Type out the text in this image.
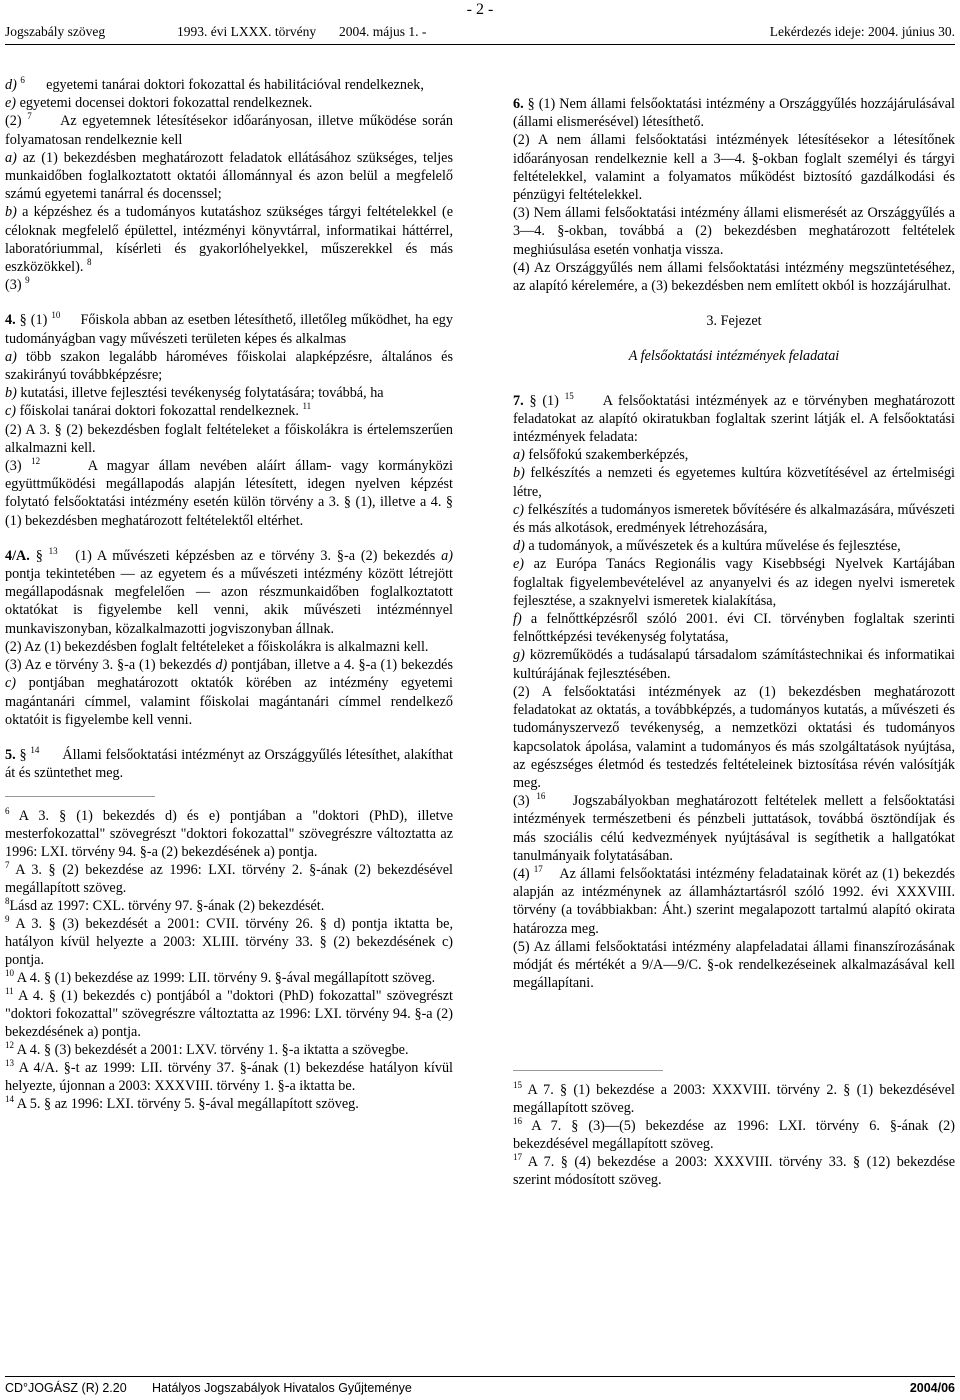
- 2 -
Jogszabály szöveg	1993. évi LXXX. törvény 2004. május 1. -	Lekérdezés ideje: 2004. június 30.

d) $^6$      egyetemi tanárai doktori fokozattal és habilitációval rendelkeznek,

e) egyetemi docensei doktori fokozattal rendelkeznek.

(2) $^7$     Az egyetemnek létesítésekor időarányosan, illetve működése során folyamatosan rendelkeznie kell

a) az (1) bekezdésben meghatározott feladatok ellátásához szükséges, teljes munkaidőben foglalkoztatott oktatói állománnyal és azon belül a megfelelő számú egyetemi tanárral és docenssel;

b) a képzéshez és a tudományos kutatáshoz szükséges tárgyi feltételekkel (e céloknak megfelelő épülettel, intézményi könyvtárral, informatikai háttérrel, laboratóriummal, kísérleti és gyakorlóhelyekkel, műszerekkel és más eszközökkel). $^8$

(3) $^9$

4. § (1) $^{10}$     Főiskola abban az esetben létesíthető, illetőleg működhet, ha egy tudományágban vagy művészeti területen képes és alkalmas

a) több szakon legalább hároméves főiskolai alapképzésre, általános és szakirányú továbbképzésre;

b) kutatási, illetve fejlesztési tevékenység folytatására; továbbá, ha

c) főiskolai tanárai doktori fokozattal rendelkeznek. $^{11}$

(2) A 3. § (2) bekezdésben foglalt feltételeket a főiskolákra is értelemszerűen alkalmazni kell.

(3) $^{12}$     A magyar állam nevében aláírt állam- vagy kormányközi együttműködési megállapodás alapján létesített, idegen nyelven képzést folytató felsőoktatási intézmény esetén külön törvény a 3. § (1), illetve a 4. § (1) bekezdésben meghatározott feltételektől eltérhet.

4/A. § $^{13}$   (1) A művészeti képzésben az e törvény 3. §-a (2) bekezdés a) pontja tekintetében — az egyetem és a művészeti intézmény között létrejött megállapodásnak megfelelően — azon részmunkaidőben foglalkoztatott oktatókat is figyelembe kell venni, akik művészeti intézménnyel munkaviszonyban, közalkalmazotti jogviszonyban állnak.

(2) Az (1) bekezdésben foglalt feltételeket a főiskolákra is alkalmazni kell.

(3) Az e törvény 3. §-a (1) bekezdés d) pontjában, illetve a 4. §-a (1) bekezdés c) pontjában meghatározott oktatók körében az intézmény egyetemi magántanári címmel, valamint főiskolai magántanári címmel rendelkező oktatóit is figyelembe kell venni.

5. § $^{14}$      Állami felsőoktatási intézményt az Országgyűlés létesíthet, alakíthat át és szüntethet meg.

$^6$ A 3. § (1) bekezdés d) és e) pontjában a "doktori (PhD), illetve mesterfokozattal" szövegrészt "doktori fokozattal" szövegrészre változtatta az 1996: LXI. törvény 94. §-a (2) bekezdésének a) pontja.

$^7$ A 3. § (2) bekezdése az 1996: LXI. törvény 2. §-ának (2) bekezdésével megállapított szöveg.

$^8$Lásd az 1997: CXL. törvény 97. §-ának (2) bekezdését.

$^9$ A 3. § (3) bekezdését a 2001: CVII. törvény 26. § d) pontja iktatta be, hatályon kívül helyezte a 2003: XLIII. törvény 33. § (2) bekezdésének c) pontja.

$^{10}$ A 4. § (1) bekezdése az 1999: LII. törvény 9. §-ával megállapított szöveg.

$^{11}$ A 4. § (1) bekezdés c) pontjából a "doktori (PhD) fokozattal" szövegrészt "doktori fokozattal" szövegrészre változtatta az 1996: LXI. törvény 94. §-a (2) bekezdésének a) pontja.

$^{12}$ A 4. § (3) bekezdését a 2001: LXV. törvény 1. §-a iktatta a szövegbe.

$^{13}$ A 4/A. §-t az 1999: LII. törvény 37. §-ának (1) bekezdése hatályon kívül helyezte, újonnan a 2003: XXXVIII. törvény 1. §-a iktatta be.

$^{14}$ A 5. § az 1996: LXI. törvény 5. §-ával megállapított szöveg.

6. § (1) Nem állami felsőoktatási intézmény a Országgyűlés hozzájárulásával (állami elismerésével) létesíthető.

(2) A nem állami felsőoktatási intézmények létesítésekor a létesítőnek időarányosan rendelkeznie kell a 3—4. §-okban foglalt személyi és tárgyi feltételekkel, valamint a folyamatos működést biztosító gazdálkodási és pénzügyi feltételekkel.

(3) Nem állami felsőoktatási intézmény állami elismerését az Országgyűlés a 3—4. §-okban, továbbá a (2) bekezdésben meghatározott feltételek meghiúsulása esetén vonhatja vissza.

(4) Az Országgyűlés nem állami felsőoktatási intézmény megszüntetéséhez, az alapító kérelemére, a (3) bekezdésben nem említett okból is hozzájárulhat.

3. Fejezet

A felsőoktatási intézmények feladatai

7. § (1) $^{15}$     A felsőoktatási intézmények az e törvényben meghatározott feladatokat az alapító okiratukban foglaltak szerint látják el. A felsőoktatási intézmények feladata:

a) felsőfokú szakemberképzés,

b) felkészítés a nemzeti és egyetemes kultúra közvetítésével az értelmiségi létre,

c) felkészítés a tudományos ismeretek bővítésére és alkalmazására, művészeti és más alkotások, eredmények létrehozására,

d) a tudományok, a művészetek és a kultúra művelése és fejlesztése,

e) az Európa Tanács Regionális vagy Kisebbségi Nyelvek Kartájában foglaltak figyelembevételével az anyanyelvi és az idegen nyelvi ismeretek fejlesztése, a szaknyelvi ismeretek kialakítása,

f) a felnőttképzésről szóló 2001. évi CI. törvényben foglaltak szerinti felnőttképzési tevékenység folytatása,

g) közreműködés a tudásalapú társadalom számítástechnikai és informatikai kultúrájának fejlesztésében.

(2) A felsőoktatási intézmények az (1) bekezdésben meghatározott feladatokat az oktatás, a továbbképzés, a tudományos kutatás, a művészeti és tudományszervező tevékenység, a nemzetközi oktatási és tudományos kapcsolatok ápolása, valamint a tudományos és más szolgáltatások nyújtása, az egészséges életmód és testedzés feltételeinek biztosítása révén valósítják meg.

(3) $^{16}$    Jogszabályokban meghatározott feltételek mellett a felsőoktatási intézmények természetbeni és pénzbeli juttatások, továbbá ösztöndíjak és más szociális célú kedvezmények nyújtásával is segíthetik a hallgatókat tanulmányaik folytatásában.

(4) $^{17}$    Az állami felsőoktatási intézmény feladatainak körét az (1) bekezdés alapján az intézménynek az államháztartásról szóló 1992. évi XXXVIII. törvény (a továbbiakban: Áht.) szerint megalapozott tartalmú alapító okirata határozza meg.

(5) Az állami felsőoktatási intézmény alapfeladatai állami finanszírozásának módját és mértékét a 9/A—9/C. §-ok rendelkezéseinek alkalmazásával kell megállapítani.

$^{15}$ A 7. § (1) bekezdése a 2003: XXXVIII. törvény 2. § (1) bekezdésével megállapított szöveg.

$^{16}$ A 7. § (3)—(5) bekezdése az 1996: LXI. törvény 6. §-ának (2) bekezdésével megállapított szöveg.

$^{17}$ A 7. § (4) bekezdése a 2003: XXXVIII. törvény 33. § (12) bekezdése szerint módosított szöveg.

CD°JOGÁSZ (R) 2.20 Hatályos Jogszabályok Hivatalos Gyűjteménye	2004/06
